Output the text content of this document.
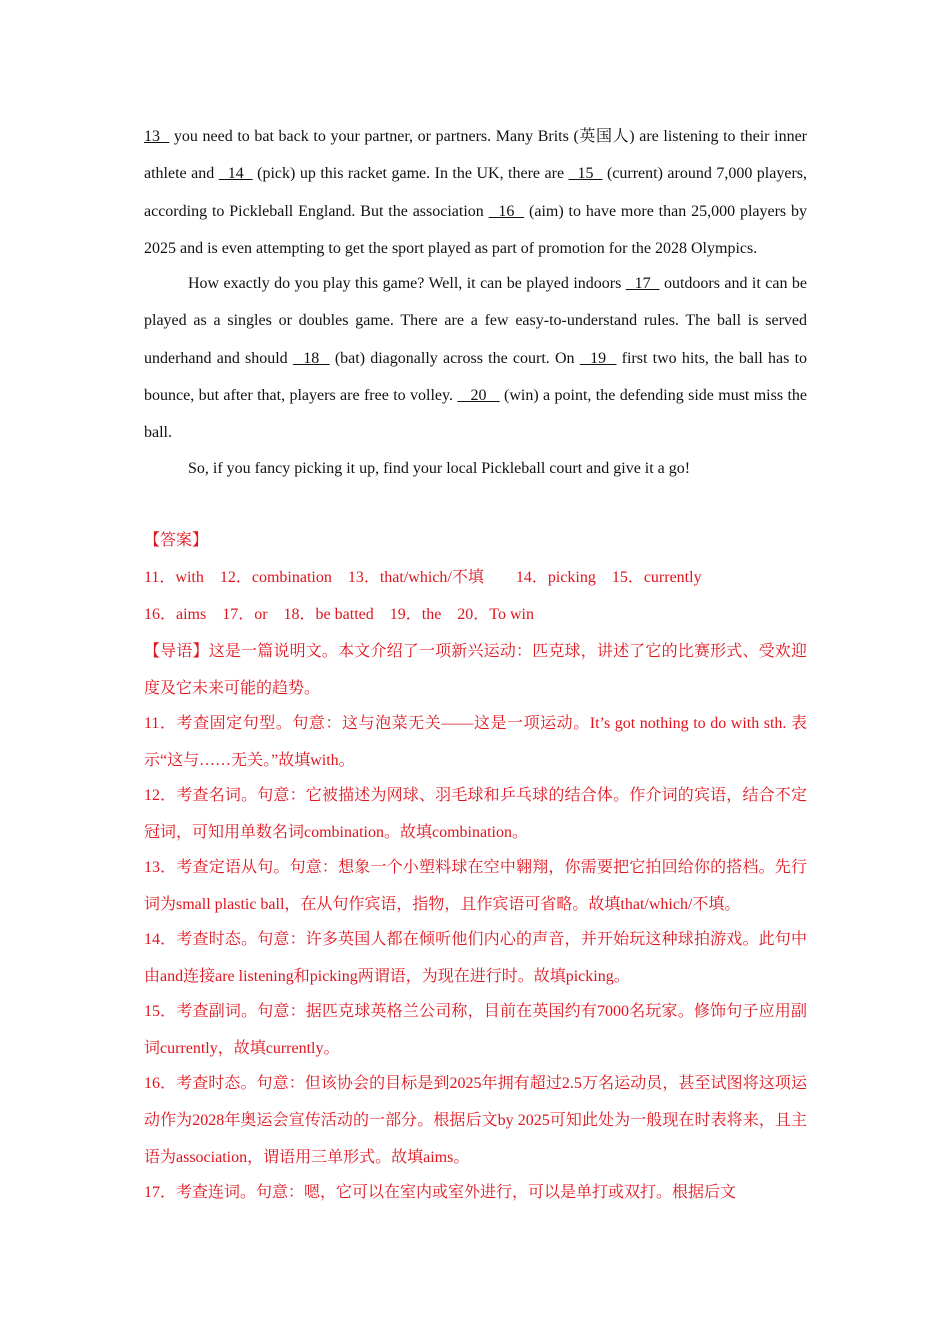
13   you need to bat back to your partner, or partners. Many Brits (英国人) are listening to their inner athlete and   14   (pick) up this racket game. In the UK, there are   15   (current) around 7,000 players, according to Pickleball England. But the association   16   (aim) to have more than 25,000 players by 2025 and is even attempting to get the sport played as part of promotion for the 2028 Olympics.

How exactly do you play this game? Well, it can be played indoors   17   outdoors and it can be played as a singles or doubles game. There are a few easy-to-understand rules. The ball is served underhand and should   18   (bat) diagonally across the court. On   19   first two hits, the ball has to bounce, but after that, players are free to volley.    20    (win) a point, the defending side must miss the ball.

So, if you fancy picking it up, find your local Pickleball court and give it a go!

【答案】

11．with    12．combination    13．that/which/不填        14．picking    15．currently

16．aims    17．or    18．be batted    19．the    20．To win

【导语】这是一篇说明文。本文介绍了一项新兴运动：匹克球，讲述了它的比赛形式、受欢迎度及它未来可能的趋势。

11．考查固定句型。句意：这与泡菜无关——这是一项运动。It’s got nothing to do with sth. 表示“这与……无关。”故填with。

12．考查名词。句意：它被描述为网球、羽毛球和乒乓球的结合体。作介词的宾语，结合不定冠词，可知用单数名词combination。故填combination。

13．考查定语从句。句意：想象一个小塑料球在空中翱翔，你需要把它拍回给你的搭档。先行词为small plastic ball，在从句作宾语，指物，且作宾语可省略。故填that/which/不填。

14．考查时态。句意：许多英国人都在倾听他们内心的声音，并开始玩这种球拍游戏。此句中由and连接are listening和picking两谓语，为现在进行时。故填picking。

15．考查副词。句意：据匹克球英格兰公司称，目前在英国约有7000名玩家。修饰句子应用副词currently，故填currently。

16．考查时态。句意：但该协会的目标是到2025年拥有超过2.5万名运动员，甚至试图将这项运动作为2028年奥运会宣传活动的一部分。根据后文by 2025可知此处为一般现在时表将来，且主语为association，谓语用三单形式。故填aims。

17．考查连词。句意：嗯，它可以在室内或室外进行，可以是单打或双打。根据后文
